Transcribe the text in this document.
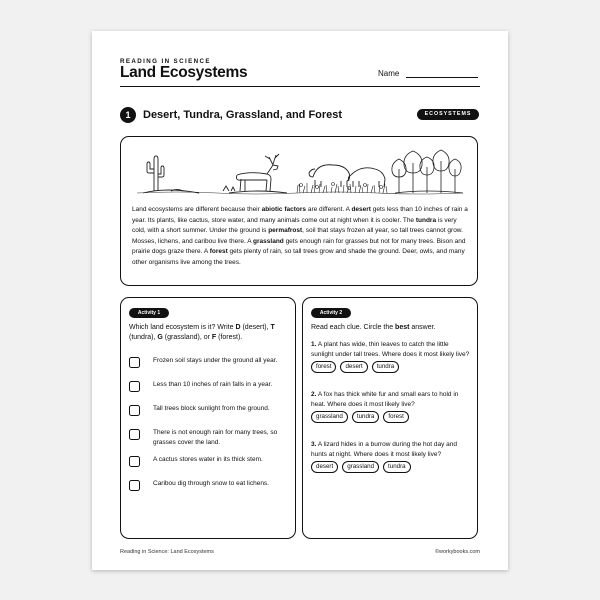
READING IN SCIENCE
Land Ecosystems	Name
1	Desert, Tundra, Grassland, and Forest	ECOSYSTEMS
Land ecosystems are different because their abiotic factors are different. A desert gets less than 10 inches of rain a year. Its plants, like cactus, store water, and many animals come out at night when it is cooler. The tundra is very cold, with a short summer. Under the ground is permafrost, soil that stays frozen all year, so tall trees cannot grow. Mosses, lichens, and caribou live there. A grassland gets enough rain for grasses but not for many trees. Bison and prairie dogs graze there. A forest gets plenty of rain, so tall trees grow and shade the ground. Deer, owls, and many other organisms live among the trees.
Activity 1
Which land ecosystem is it? Write D (desert), T (tundra), G (grassland), or F (forest).
Frozen soil stays under the ground all year.
Less than 10 inches of rain falls in a year.
Tall trees block sunlight from the ground.
There is not enough rain for many trees, so grasses cover the land.
A cactus stores water in its thick stem.
Caribou dig through snow to eat lichens.
Activity 2
Read each clue. Circle the best answer.
1. A plant has wide, thin leaves to catch the little sunlight under tall trees. Where does it most likely live?
forest	desert	tundra
2. A fox has thick white fur and small ears to hold in heat. Where does it most likely live?
grassland	tundra	forest
3. A lizard hides in a burrow during the hot day and hunts at night. Where does it most likely live?
desert	grassland	tundra
Reading in Science: Land Ecosystems	©workybooks.com
